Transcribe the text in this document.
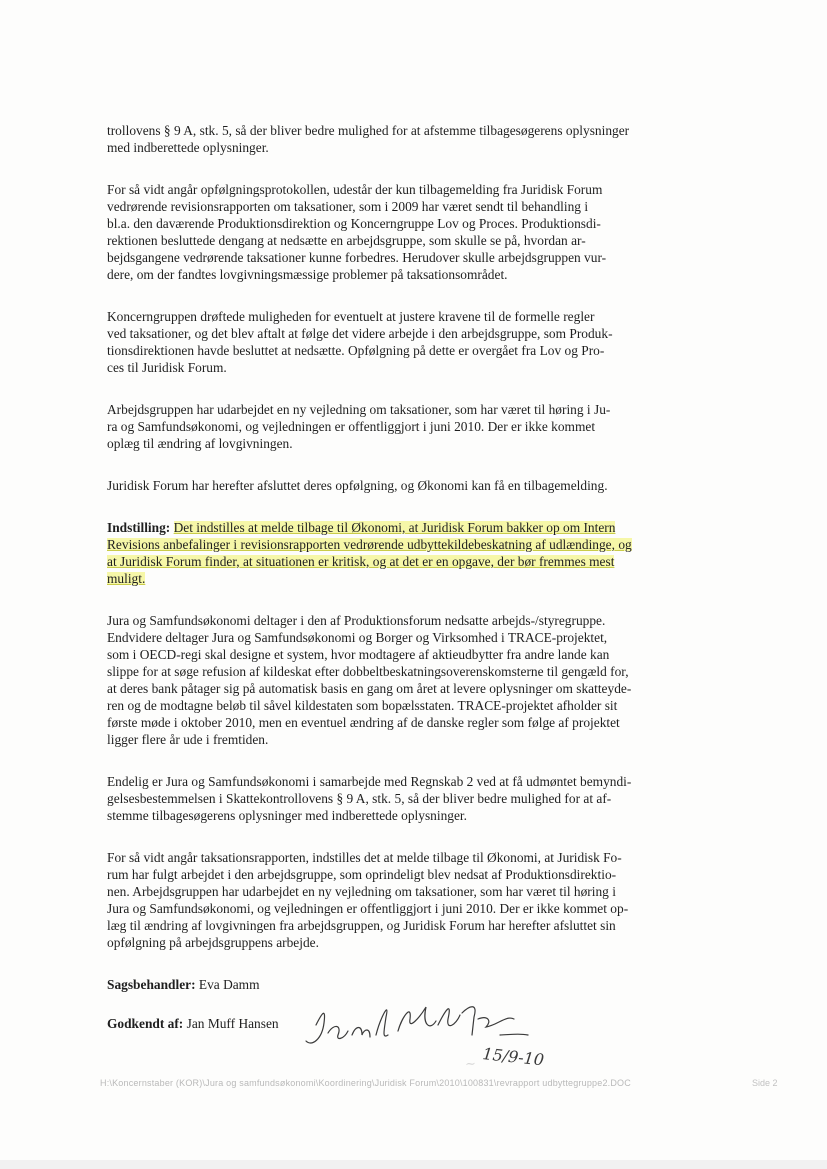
trollovens § 9 A, stk. 5, så der bliver bedre mulighed for at afstemme tilbagesøgerens oplysninger
med indberettede oplysninger.
For så vidt angår opfølgningsprotokollen, udestår der kun tilbagemelding fra Juridisk Forum
vedrørende revisionsrapporten om taksationer, som i 2009 har været sendt til behandling i
bl.a. den daværende Produktionsdirektion og Koncerngruppe Lov og Proces. Produktionsdi-
rektionen besluttede dengang at nedsætte en arbejdsgruppe, som skulle se på, hvordan ar-
bejdsgangene vedrørende taksationer kunne forbedres. Herudover skulle arbejdsgruppen vur-
dere, om der fandtes lovgivningsmæssige problemer på taksationsområdet.
Koncerngruppen drøftede muligheden for eventuelt at justere kravene til de formelle regler
ved taksationer, og det blev aftalt at følge det videre arbejde i den arbejdsgruppe, som Produk-
tionsdirektionen havde besluttet at nedsætte. Opfølgning på dette er overgået fra Lov og Pro-
ces til Juridisk Forum.
Arbejdsgruppen har udarbejdet en ny vejledning om taksationer, som har været til høring i Ju-
ra og Samfundsøkonomi, og vejledningen er offentliggjort i juni 2010. Der er ikke kommet
oplæg til ændring af lovgivningen.
Juridisk Forum har herefter afsluttet deres opfølgning, og Økonomi kan få en tilbagemelding.
Indstilling: Det indstilles at melde tilbage til Økonomi, at Juridisk Forum bakker op om Intern
Revisions anbefalinger i revisionsrapporten vedrørende udbyttekildebeskatning af udlændinge, og
at Juridisk Forum finder, at situationen er kritisk, og at det er en opgave, der bør fremmes mest
muligt.
Jura og Samfundsøkonomi deltager i den af Produktionsforum nedsatte arbejds-/styregruppe.
Endvidere deltager Jura og Samfundsøkonomi og Borger og Virksomhed i TRACE-projektet,
som i OECD-regi skal designe et system, hvor modtagere af aktieudbytter fra andre lande kan
slippe for at søge refusion af kildeskat efter dobbeltbeskatningsoverenskomsterne til gengæld for,
at deres bank påtager sig på automatisk basis en gang om året at levere oplysninger om skatteyde-
ren og de modtagne beløb til såvel kildestaten som bopælsstaten. TRACE-projektet afholder sit
første møde i oktober 2010, men en eventuel ændring af de danske regler som følge af projektet
ligger flere år ude i fremtiden.
Endelig er Jura og Samfundsøkonomi i samarbejde med Regnskab 2 ved at få udmøntet bemyndi-
gelsesbestemmelsen i Skattekontrollovens § 9 A, stk. 5, så der bliver bedre mulighed for at af-
stemme tilbagesøgerens oplysninger med indberettede oplysninger.
For så vidt angår taksationsrapporten, indstilles det at melde tilbage til Økonomi, at Juridisk Fo-
rum har fulgt arbejdet i den arbejdsgruppe, som oprindeligt blev nedsat af Produktionsdirektio-
nen. Arbejdsgruppen har udarbejdet en ny vejledning om taksationer, som har været til høring i
Jura og Samfundsøkonomi, og vejledningen er offentliggjort i juni 2010. Der er ikke kommet op-
læg til ændring af lovgivningen fra arbejdsgruppen, og Juridisk Forum har herefter afsluttet sin
opfølgning på arbejdsgruppens arbejde.
Sagsbehandler: Eva Damm
Godkendt af: Jan Muff Hansen
15/9-10
~
H:\Koncernstaber (KOR)\Jura og samfundsøkonomi\Koordinering\Juridisk Forum\2010\100831\revrapport udbyttegruppe2.DOC	Side 2
